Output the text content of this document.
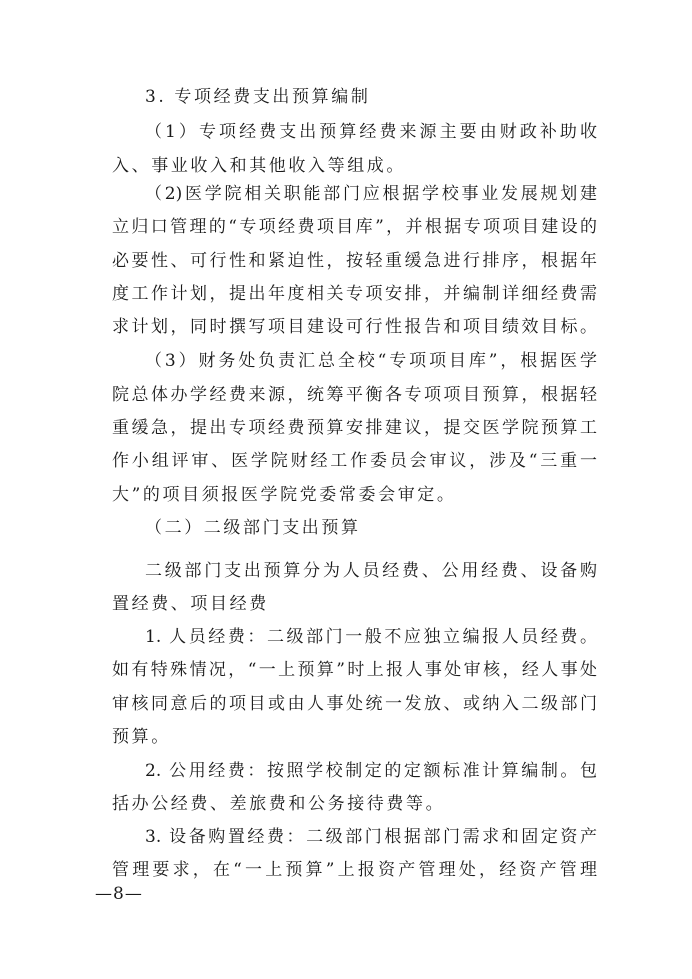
3. 专项经费支出预算编制
（1）专项经费支出预算经费来源主要由财政补助收
入、事业收入和其他收入等组成。
（2)医学院相关职能部门应根据学校事业发展规划建
立归口管理的“专项经费项目库”，并根据专项项目建设的
必要性、可行性和紧迫性，按轻重缓急进行排序，根据年
度工作计划，提出年度相关专项安排，并编制详细经费需
求计划，同时撰写项目建设可行性报告和项目绩效目标。
（3）财务处负责汇总全校“专项项目库”，根据医学
院总体办学经费来源，统筹平衡各专项项目预算，根据轻
重缓急，提出专项经费预算安排建议，提交医学院预算工
作小组评审、医学院财经工作委员会审议，涉及“三重一
大”的项目须报医学院党委常委会审定。
（二）二级部门支出预算
二级部门支出预算分为人员经费、公用经费、设备购
置经费、项目经费
1. 人员经费：二级部门一般不应独立编报人员经费。
如有特殊情况，“一上预算”时上报人事处审核，经人事处
审核同意后的项目或由人事处统一发放、或纳入二级部门
预算。
2. 公用经费：按照学校制定的定额标准计算编制。包
括办公经费、差旅费和公务接待费等。
3. 设备购置经费：二级部门根据部门需求和固定资产
管理要求，在“一上预算”上报资产管理处，经资产管理
—8—
